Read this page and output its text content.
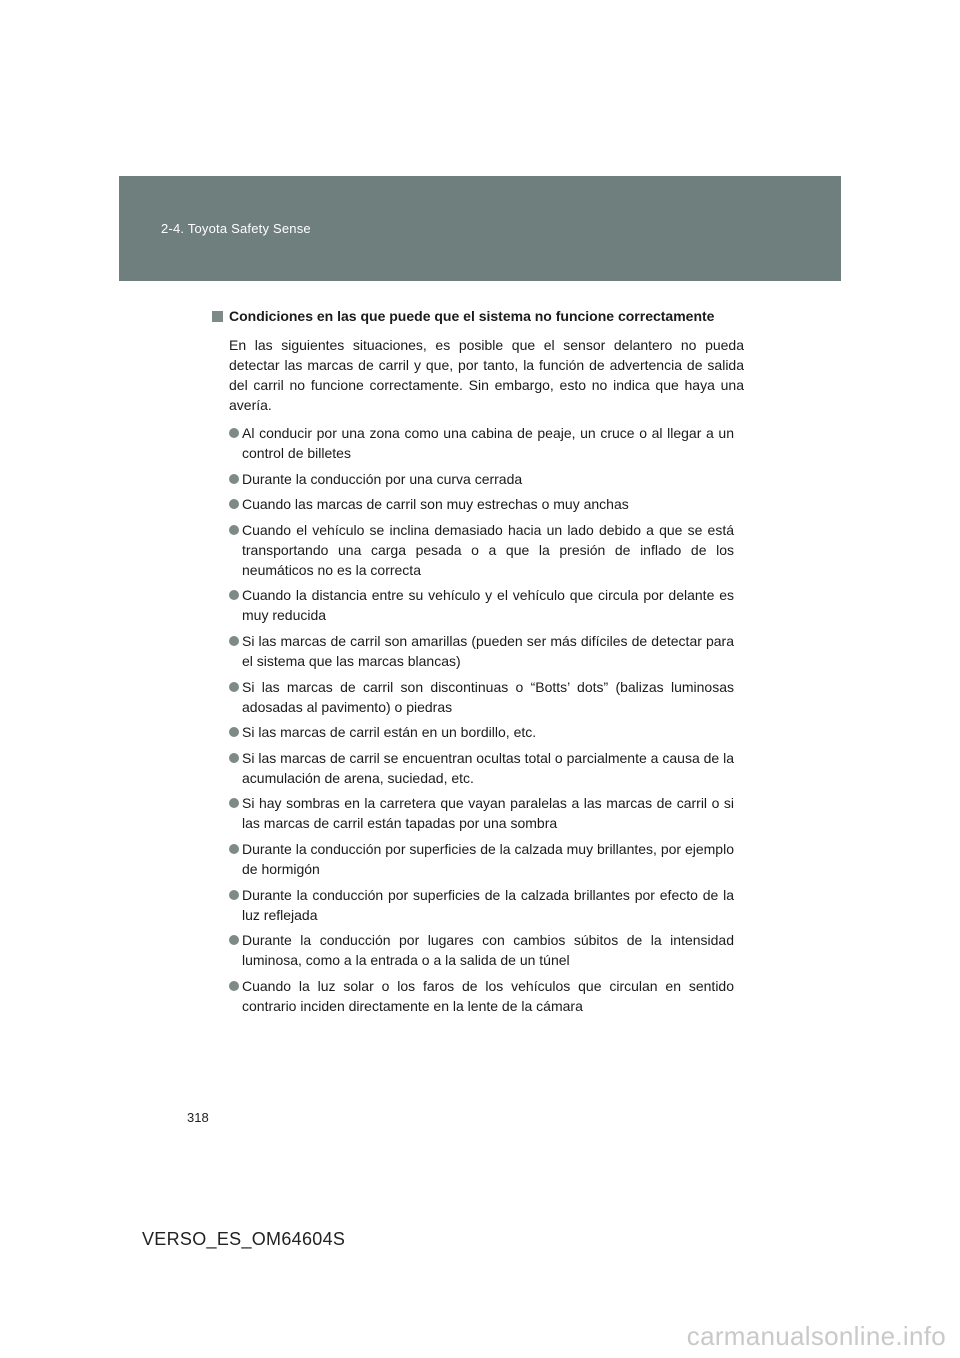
2-4. Toyota Safety Sense
Condiciones en las que puede que el sistema no funcione correctamente

En las siguientes situaciones, es posible que el sensor delantero no pueda detectar las marcas de carril y que, por tanto, la función de advertencia de salida del carril no funcione correctamente. Sin embargo, esto no indica que haya una avería.

Al conducir por una zona como una cabina de peaje, un cruce o al llegar a un control de billetes
Durante la conducción por una curva cerrada
Cuando las marcas de carril son muy estrechas o muy anchas
Cuando el vehículo se inclina demasiado hacia un lado debido a que se está transportando una carga pesada o a que la presión de inflado de los neumáticos no es la correcta
Cuando la distancia entre su vehículo y el vehículo que circula por delante es muy reducida
Si las marcas de carril son amarillas (pueden ser más difíciles de detectar para el sistema que las marcas blancas)
Si las marcas de carril son discontinuas o “Botts’ dots” (balizas luminosas adosadas al pavimento) o piedras
Si las marcas de carril están en un bordillo, etc.
Si las marcas de carril se encuentran ocultas total o parcialmente a causa de la acumulación de arena, suciedad, etc.
Si hay sombras en la carretera que vayan paralelas a las marcas de carril o si las marcas de carril están tapadas por una sombra
Durante la conducción por superficies de la calzada muy brillantes, por ejemplo de hormigón
Durante la conducción por superficies de la calzada brillantes por efecto de la luz reflejada
Durante la conducción por lugares con cambios súbitos de la intensidad luminosa, como a la entrada o a la salida de un túnel
Cuando la luz solar o los faros de los vehículos que circulan en sentido contrario inciden directamente en la lente de la cámara
318
VERSO_ES_OM64604S
carmanualsonline.info
